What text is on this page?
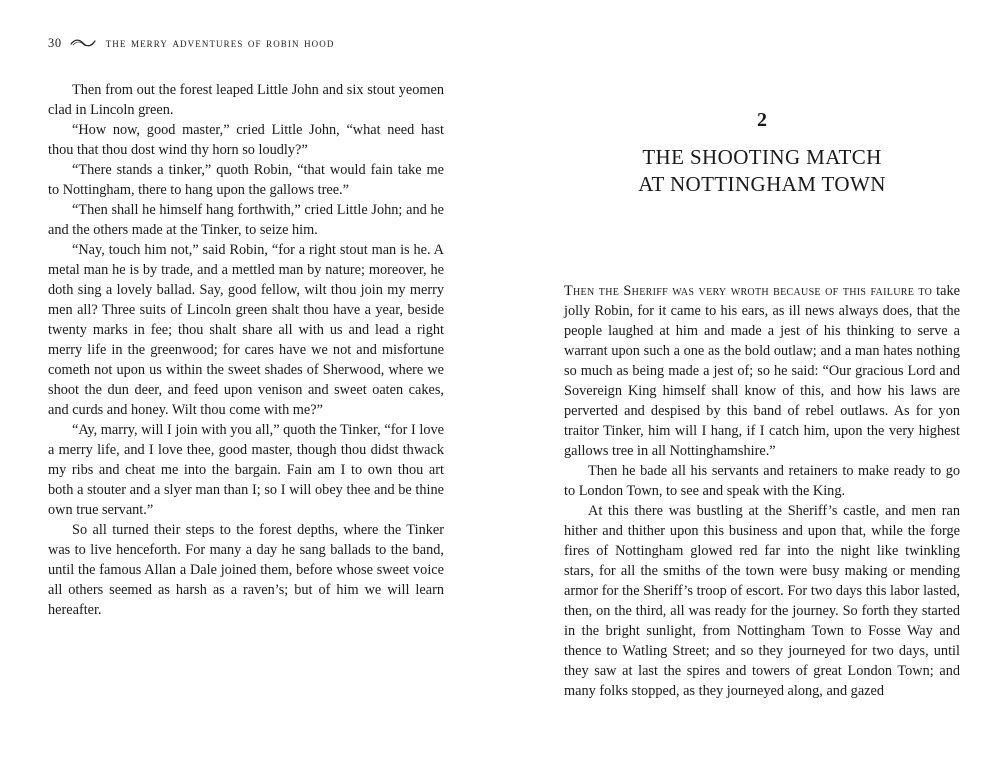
30	the merry adventures of robin hood

Then from out the forest leaped Little John and six stout yeomen clad in Lincoln green.

“How now, good master,” cried Little John, “what need hast thou that thou dost wind thy horn so loudly?”

“There stands a tinker,” quoth Robin, “that would fain take me to Nottingham, there to hang upon the gallows tree.”

“Then shall he himself hang forthwith,” cried Little John; and he and the others made at the Tinker, to seize him.

“Nay, touch him not,” said Robin, “for a right stout man is he. A metal man he is by trade, and a mettled man by nature; moreover, he doth sing a lovely ballad. Say, good fellow, wilt thou join my merry men all? Three suits of Lincoln green shalt thou have a year, beside twenty marks in fee; thou shalt share all with us and lead a right merry life in the greenwood; for cares have we not and misfortune cometh not upon us within the sweet shades of Sherwood, where we shoot the dun deer, and feed upon venison and sweet oaten cakes, and curds and honey. Wilt thou come with me?”

“Ay, marry, will I join with you all,” quoth the Tinker, “for I love a merry life, and I love thee, good master, though thou didst thwack my ribs and cheat me into the bargain. Fain am I to own thou art both a stouter and a slyer man than I; so I will obey thee and be thine own true servant.”

So all turned their steps to the forest depths, where the Tinker was to live henceforth. For many a day he sang ballads to the band, until the famous Allan a Dale joined them, before whose sweet voice all others seemed as harsh as a raven’s; but of him we will learn hereafter.

2
THE SHOOTING MATCH
AT NOTTINGHAM TOWN

Then the Sheriff was very wroth because of this failure to take jolly Robin, for it came to his ears, as ill news always does, that the people laughed at him and made a jest of his thinking to serve a warrant upon such a one as the bold outlaw; and a man hates nothing so much as being made a jest of; so he said: “Our gracious Lord and Sovereign King himself shall know of this, and how his laws are perverted and despised by this band of rebel outlaws. As for yon traitor Tinker, him will I hang, if I catch him, upon the very highest gallows tree in all Nottinghamshire.”

Then he bade all his servants and retainers to make ready to go to London Town, to see and speak with the King.

At this there was bustling at the Sheriff’s castle, and men ran hither and thither upon this business and upon that, while the forge fires of Nottingham glowed red far into the night like twinkling stars, for all the smiths of the town were busy making or mending armor for the Sheriff’s troop of escort. For two days this labor lasted, then, on the third, all was ready for the journey. So forth they started in the bright sunlight, from Nottingham Town to Fosse Way and thence to Watling Street; and so they journeyed for two days, until they saw at last the spires and towers of great London Town; and many folks stopped, as they journeyed along, and gazed
